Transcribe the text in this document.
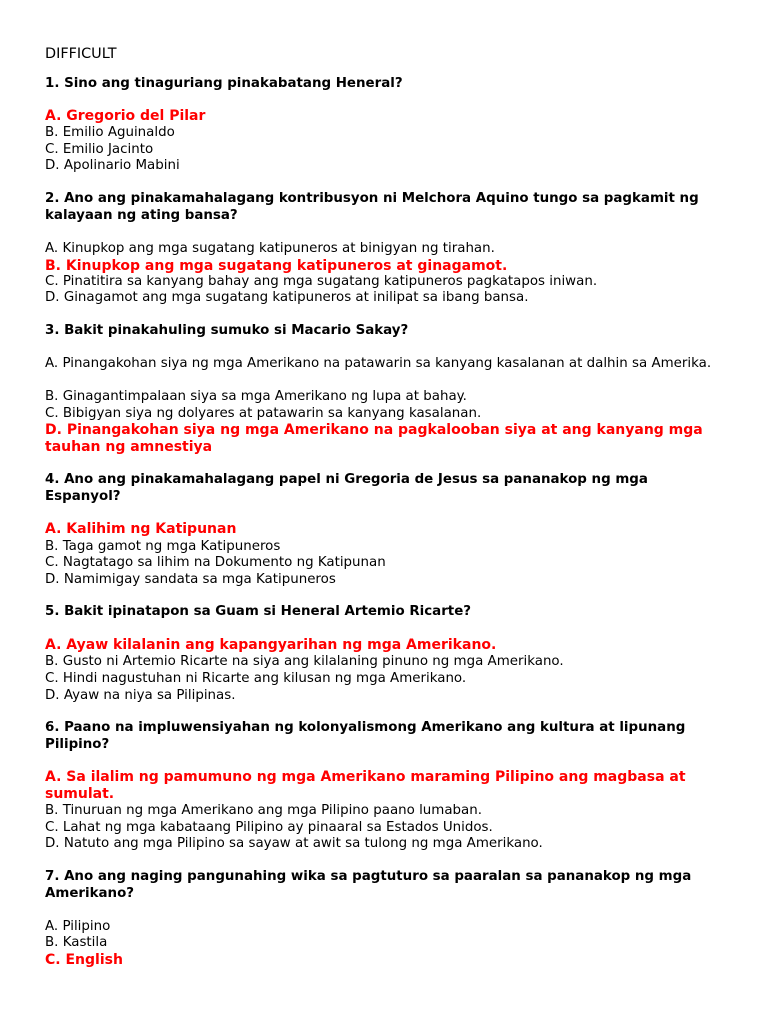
DIFFICULT
1. Sino ang tinaguriang pinakabatang Heneral?
A. Gregorio del Pilar
B. Emilio Aguinaldo
C. Emilio Jacinto
D. Apolinario Mabini
2. Ano ang pinakamahalagang kontribusyon ni Melchora Aquino tungo sa pagkamit ng kalayaan ng ating bansa?
A. Kinupkop ang mga sugatang katipuneros at binigyan ng tirahan.
B. Kinupkop ang mga sugatang katipuneros at ginagamot.
C. Pinatitira sa kanyang bahay ang mga sugatang katipuneros pagkatapos iniwan.
D. Ginagamot ang mga sugatang katipuneros at inilipat sa ibang bansa.
3. Bakit pinakahuling sumuko si Macario Sakay?
A. Pinangakohan siya ng mga Amerikano na patawarin sa kanyang kasalanan at dalhin sa Amerika.
B. Ginagantimpalaan siya sa mga Amerikano ng lupa at bahay.
C. Bibigyan siya ng dolyares at patawarin sa kanyang kasalanan.
D. Pinangakohan siya ng mga Amerikano na pagkalooban siya at ang kanyang mga tauhan ng amnestiya
4. Ano ang pinakamahalagang papel ni Gregoria de Jesus sa pananakop ng mga Espanyol?
A. Kalihim ng Katipunan
B. Taga gamot ng mga Katipuneros
C. Nagtatago sa lihim na Dokumento ng Katipunan
D. Namimigay sandata sa mga Katipuneros
5. Bakit ipinatapon sa Guam si Heneral Artemio Ricarte?
A. Ayaw kilalanin ang kapangyarihan ng mga Amerikano.
B. Gusto ni Artemio Ricarte na siya ang kilalaning pinuno ng mga Amerikano.
C. Hindi nagustuhan ni Ricarte ang kilusan ng mga Amerikano.
D. Ayaw na niya sa Pilipinas.
6. Paano na impluwensiyahan ng kolonyalismong Amerikano ang kultura at lipunang Pilipino?
A. Sa ilalim ng pamumuno ng mga Amerikano maraming Pilipino ang magbasa at sumulat.
B. Tinuruan ng mga Amerikano ang mga Pilipino paano lumaban.
C. Lahat ng mga kabataang Pilipino ay pinaaral sa Estados Unidos.
D. Natuto ang mga Pilipino sa sayaw at awit sa tulong ng mga Amerikano.
7. Ano ang naging pangunahing wika sa pagtuturo sa paaralan sa pananakop ng mga Amerikano?
A. Pilipino
B. Kastila
C. English
